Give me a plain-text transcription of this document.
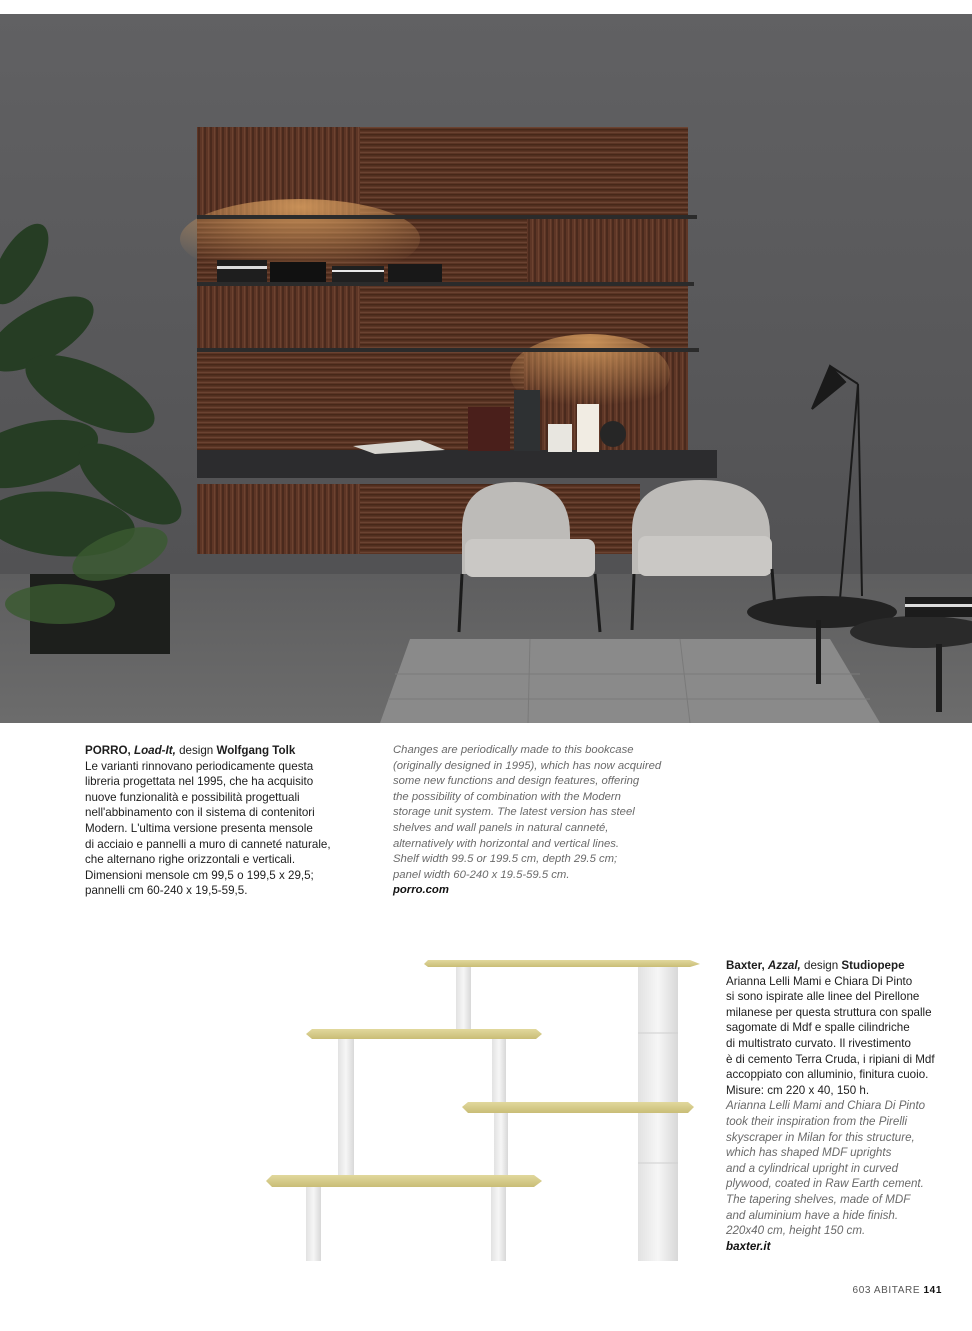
PORRO, Load-It, design Wolfgang Tolk
Le varianti rinnovano periodicamente questa
libreria progettata nel 1995, che ha acquisito
nuove funzionalità e possibilità progettuali
nell'abbinamento con il sistema di contenitori
Modern. L'ultima versione presenta mensole
di acciaio e pannelli a muro di canneté naturale,
che alternano righe orizzontali e verticali.
Dimensioni mensole cm 99,5 o 199,5 x 29,5;
pannelli cm 60-240 x 19,5-59,5.
Changes are periodically made to this bookcase
(originally designed in 1995), which has now acquired
some new functions and design features, offering
the possibility of combination with the Modern
storage unit system. The latest version has steel
shelves and wall panels in natural canneté,
alternatively with horizontal and vertical lines.
Shelf width 99.5 or 199.5 cm, depth 29.5 cm;
panel width 60-240 x 19.5-59.5 cm.
porro.com
Baxter, Azzal, design Studiopepe
Arianna Lelli Mami e Chiara Di Pinto
si sono ispirate alle linee del Pirellone
milanese per questa struttura con spalle
sagomate di Mdf e spalle cilindriche
di multistrato curvato. Il rivestimento
è di cemento Terra Cruda, i ripiani di Mdf
accoppiato con alluminio, finitura cuoio.
Misure: cm 220 x 40, 150 h.
Arianna Lelli Mami and Chiara Di Pinto
took their inspiration from the Pirelli
skyscraper in Milan for this structure,
which has shaped MDF uprights
and a cylindrical upright in curved
plywood, coated in Raw Earth cement.
The tapering shelves, made of MDF
and aluminium have a hide finish.
220x40 cm, height 150 cm.
baxter.it
603 ABITARE 141
